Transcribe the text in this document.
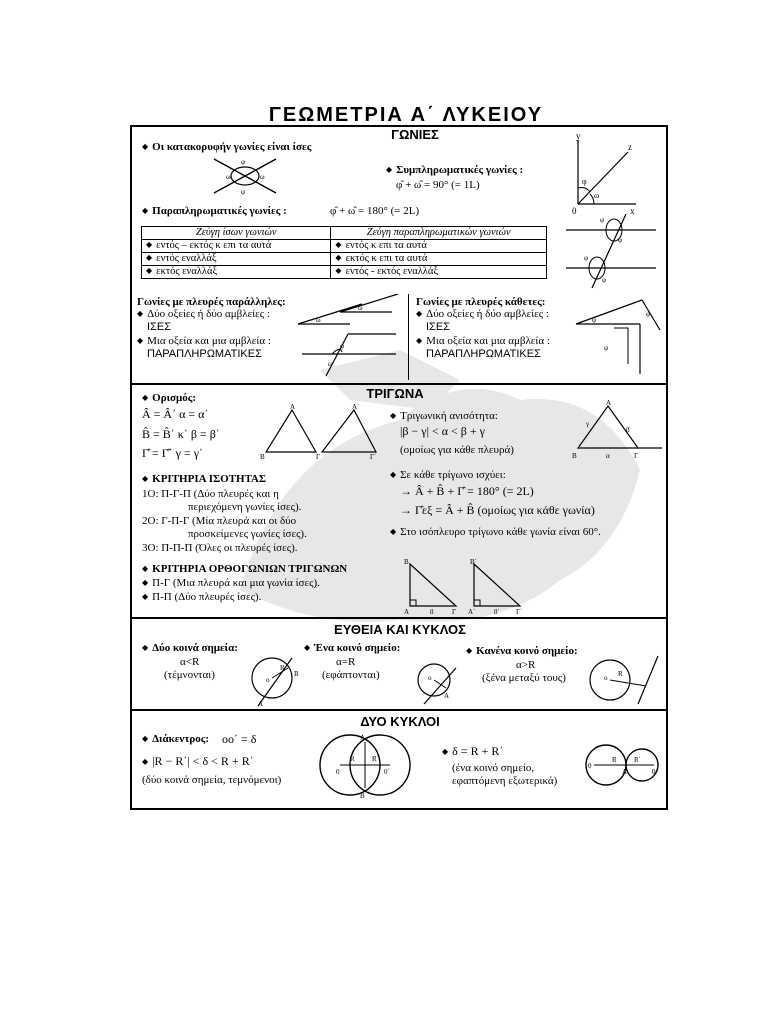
ΓΕΩΜΕΤΡΙΑ Α΄ ΛΥΚΕΙΟΥ
ΓΩΝΙΕΣ
◆ Οι κατακορυφήν γωνίες είναι ίσες
φ
φ
ω	ω
◆ Συμπληρωματικές γωνίες :
φ̂ + ω̂ = 90° (= 1L)
◆ Παραπληρωματικές γωνίες :	φ̂ + ω̂ = 180° (= 2L)
y
z
x
0
φ
ω
Ζεύγη ίσων γωνιών	Ζεύγη παραπληρωματικών γωνιών
◆ εντός – εκτός κ επι τα αυτά	◆ εντός κ επι τα αυτά
◆ εντός εναλλάξ	◆ εκτός κ επι τα αυτά
◆ εκτός εναλλάξ	◆ εντός - εκτός εναλλάξ
φ
φ
φ
φ
Γωνίες με πλευρές παράλληλες:
◆ Δύο οξείες ή δύο αμβλείες :
ΙΣΕΣ
◆ Μια οξεία και μια αμβλεία :
ΠΑΡΑΠΛΗΡΩΜΑΤΙΚΕΣ
ω
ω
φ
ω
Γωνίες με πλευρές κάθετες:
◆ Δύο οξείες ή δύο αμβλείες :
ΙΣΕΣ
◆ Μια οξεία και μια αμβλεία :
ΠΑΡΑΠΛΗΡΩΜΑΤΙΚΕΣ
φ
φ
φ
ΤΡΙΓΩΝΑ
◆ Ορισμός:
Â = Â΄ α = α΄
B̂ = B̂΄ κ΄ β = β΄
Γ̂ = Γ̂΄ γ = γ΄
A
B	Γ
A΄
Γ΄
◆ Τριγωνική ανισότητα:
|β − γ| < α < β + γ
(ομοίως για κάθε πλευρά)
A
B	Γ
γ
β
α
◆ Σε κάθε τρίγωνο ισχύει:
→ Â + B̂ + Γ̂ = 180° (= 2L)
→ Γ̂εξ = Â + B̂ (ομοίως για κάθε γωνία)
◆ Στο ισόπλευρο τρίγωνο κάθε γωνία είναι 60°.
◆ ΚΡΙΤΗΡΙΑ ΙΣΟΤΗΤΑΣ
1Ο: Π-Γ-Π (Δύο πλευρές και η
περιεχόμενη γωνίες ίσες).
2Ο: Γ-Π-Γ (Μία πλευρά και οι δύο
προσκείμενες γωνίες ίσες).
3Ο: Π-Π-Π (Όλες οι πλευρές ίσες).
◆ ΚΡΙΤΗΡΙΑ ΟΡΘΟΓΩΝΙΩΝ ΤΡΙΓΩΝΩΝ
◆ Π-Γ (Μια πλευρά και μια γωνία ίσες).
◆ Π-Π (Δύο πλευρές ίσες).
B
A	Γ
B΄
A΄	Γ΄
β	β΄
ΕΥΘΕΙΑ ΚΑΙ ΚΥΚΛΟΣ
◆ Δύο κοινά σημεία:
α<R
(τέμνονται)	o
R
B
A
◆ Ένα κοινό σημείο:
α=R
(εφάπτονται)	o
A
◆ Κανένα κοινό σημείο:
α>R
(ξένα μεταξύ τους)	o R
ΔΥΟ ΚΥΚΛΟΙ
◆ Διάκεντρος: οο΄ = δ
◆ |R − R΄| < δ < R + R΄
(δύο κοινά σημεία, τεμνόμενοι)
A
B
0	0΄
R R΄
◆ δ = R + R΄
(ένα κοινό σημείο,
εφαπτόμενη εξωτερικά)
0
R R΄
0΄
A
